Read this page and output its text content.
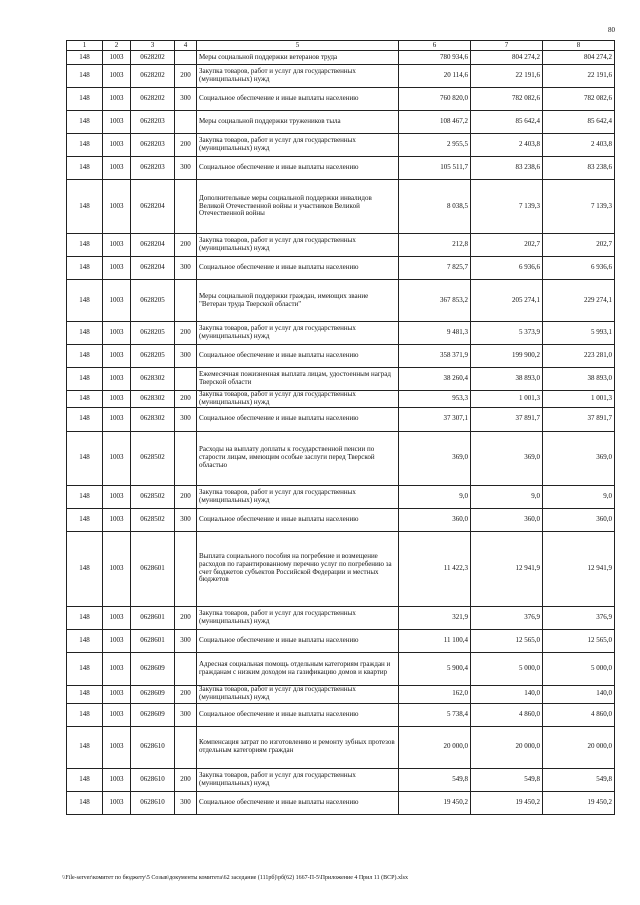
80
1	2	3	4	5	6	7	8
148	1003	0628202		Меры социальной поддержки ветеранов труда	780 934,6	804 274,2	804 274,2
148	1003	0628202	200	Закупка товаров, работ и услуг для государственных (муниципальных) нужд	20 114,6	22 191,6	22 191,6
148	1003	0628202	300	Социальное обеспечение и иные выплаты населению	760 820,0	782 082,6	782 082,6
148	1003	0628203		Меры социальной поддержки тружеников тыла	108 467,2	85 642,4	85 642,4
148	1003	0628203	200	Закупка товаров, работ и услуг для государственных (муниципальных) нужд	2 955,5	2 403,8	2 403,8
148	1003	0628203	300	Социальное обеспечение и иные выплаты населению	105 511,7	83 238,6	83 238,6
148	1003	0628204		Дополнительные меры социальной поддержки инвалидов Великой Отечественной войны и участников Великой Отечественной войны	8 038,5	7 139,3	7 139,3
148	1003	0628204	200	Закупка товаров, работ и услуг для государственных (муниципальных) нужд	212,8	202,7	202,7
148	1003	0628204	300	Социальное обеспечение и иные выплаты населению	7 825,7	6 936,6	6 936,6
148	1003	0628205		Меры социальной поддержки граждан, имеющих звание "Ветеран труда Тверской области"	367 853,2	205 274,1	229 274,1
148	1003	0628205	200	Закупка товаров, работ и услуг для государственных (муниципальных) нужд	9 481,3	5 373,9	5 993,1
148	1003	0628205	300	Социальное обеспечение и иные выплаты населению	358 371,9	199 900,2	223 281,0
148	1003	0628302		Ежемесячная пожизненная выплата лицам, удостоенным наград Тверской области	38 260,4	38 893,0	38 893,0
148	1003	0628302	200	Закупка товаров, работ и услуг для государственных (муниципальных) нужд	953,3	1 001,3	1 001,3
148	1003	0628302	300	Социальное обеспечение и иные выплаты населению	37 307,1	37 891,7	37 891,7
148	1003	0628502		Расходы на выплату доплаты к государственной пенсии по старости лицам, имеющим особые заслуги перед Тверской областью	369,0	369,0	369,0
148	1003	0628502	200	Закупка товаров, работ и услуг для государственных (муниципальных) нужд	9,0	9,0	9,0
148	1003	0628502	300	Социальное обеспечение и иные выплаты населению	360,0	360,0	360,0
148	1003	0628601		Выплата социального пособия на погребение и возмещение расходов по гарантированному перечню услуг по погребению за счет бюджетов субъектов Российской Федерации и местных бюджетов	11 422,3	12 941,9	12 941,9
148	1003	0628601	200	Закупка товаров, работ и услуг для государственных (муниципальных) нужд	321,9	376,9	376,9
148	1003	0628601	300	Социальное обеспечение и иные выплаты населению	11 100,4	12 565,0	12 565,0
148	1003	0628609		Адресная социальная помощь отдельным категориям граждан и гражданам с низким доходом на газификацию домов и квартир	5 900,4	5 000,0	5 000,0
148	1003	0628609	200	Закупка товаров, работ и услуг для государственных (муниципальных) нужд	162,0	140,0	140,0
148	1003	0628609	300	Социальное обеспечение и иные выплаты населению	5 738,4	4 860,0	4 860,0
148	1003	0628610		Компенсация затрат по изготовлению и ремонту зубных протезов отдельным категориям граждан	20 000,0	20 000,0	20 000,0
148	1003	0628610	200	Закупка товаров, работ и услуг для государственных (муниципальных) нужд	549,8	549,8	549,8
148	1003	0628610	300	Социальное обеспечение и иные выплаты населению	19 450,2	19 450,2	19 450,2
\\File-server\комитет по бюджету\5 Созыв\документы комитета\62 заседание (111рб)\рб(62) 1667-П-5\Приложение 4 Прил 11 (ВСР).xlsx
